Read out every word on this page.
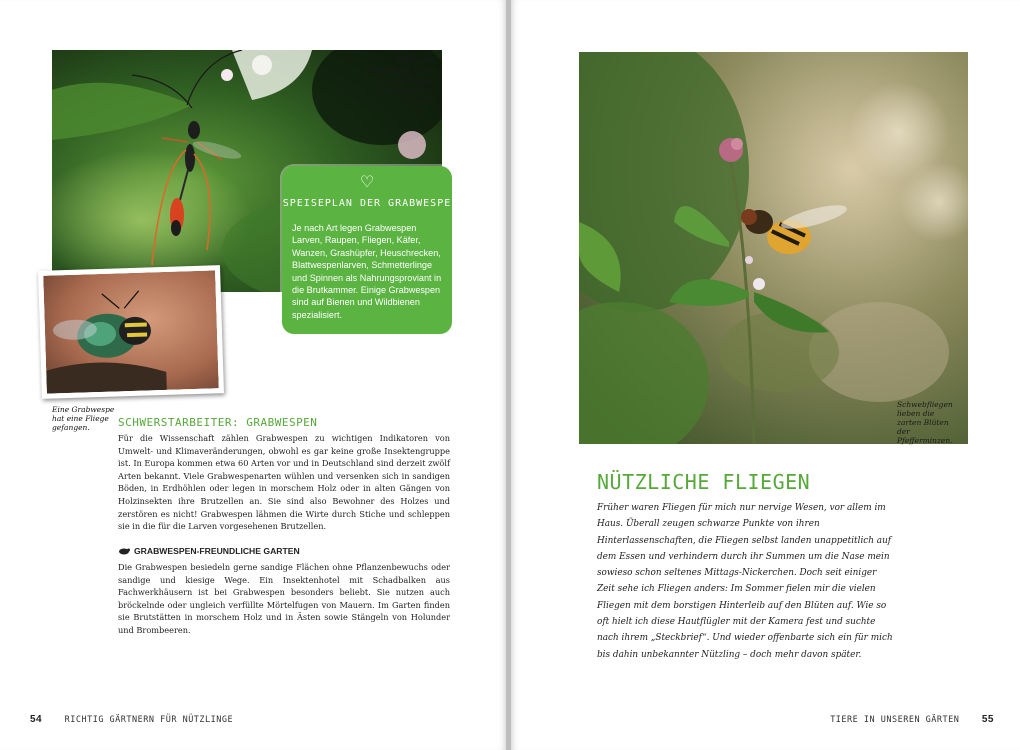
Die zarte Grabwespe kann ein Vielfaches ihres Gewichtes tragen.
♡
SPEISEPLAN DER GRABWESPE

Je nach Art legen Grabwespen Larven, Raupen, Fliegen, Käfer, Wanzen, Grashüpfer, Heuschrecken, Blattwespenlarven, Schmetterlinge und Spinnen als Nahrungsproviant in die Brutkammer. Einige Grabwespen sind auf Bienen und Wildbienen spezialisiert.

Eine Grabwespe hat eine Fliege gefangen.	SCHWERSTARBEITER: GRABWESPEN

Für die Wissenschaft zählen Grabwespen zu wichtigen Indikatoren von Umwelt- und Klimaveränderungen, obwohl es gar keine große Insektengruppe ist. In Europa kommen etwa 60 Arten vor und in Deutschland sind derzeit zwölf Arten bekannt. Viele Grabwespenarten wühlen und versenken sich in sandigen Böden, in Erdhöhlen oder legen in morschem Holz oder in alten Gängen von Holzinsekten ihre Brutzellen an. Sie sind also Bewohner des Holzes und zerstören es nicht! Grabwespen lähmen die Wirte durch Stiche und schleppen sie in die für die Larven vorgesehenen Brutzellen.

GRABWESPEN-FREUNDLICHE GARTEN

Die Grabwespen besiedeln gerne sandige Flächen ohne Pflanzenbewuchs oder sandige und kiesige Wege. Ein Insektenhotel mit Schadbalken aus Fachwerkhäusern ist bei Grabwespen besonders beliebt. Sie nutzen auch bröckelnde oder ungleich verfüllte Mörtelfugen von Mauern. Im Garten finden sie Brutstätten in morschem Holz und in Ästen sowie Stängeln von Holunder und Brombeeren.

54	RICHTIG GÄRTNERN FÜR NÜTZLINGE
Schwebfliegen lieben die zarten Blüten der Pfefferminzen.
NÜTZLICHE FLIEGEN

Früher waren Fliegen für mich nur nervige Wesen, vor allem im Haus. Überall zeugen schwarze Punkte von ihren Hinterlassenschaften, die Fliegen selbst landen unappetitlich auf dem Essen und verhindern durch ihr Summen um die Nase mein sowieso schon seltenes Mittags-Nickerchen. Doch seit einiger Zeit sehe ich Fliegen anders: Im Sommer fielen mir die vielen Fliegen mit dem borstigen Hinterleib auf den Blüten auf. Wie so oft hielt ich diese Hautflügler mit der Kamera fest und suchte nach ihrem „Steckbrief“. Und wieder offenbarte sich ein für mich bis dahin unbekannter Nützling – doch mehr davon später.

TIERE IN UNSEREN GÄRTEN 55
